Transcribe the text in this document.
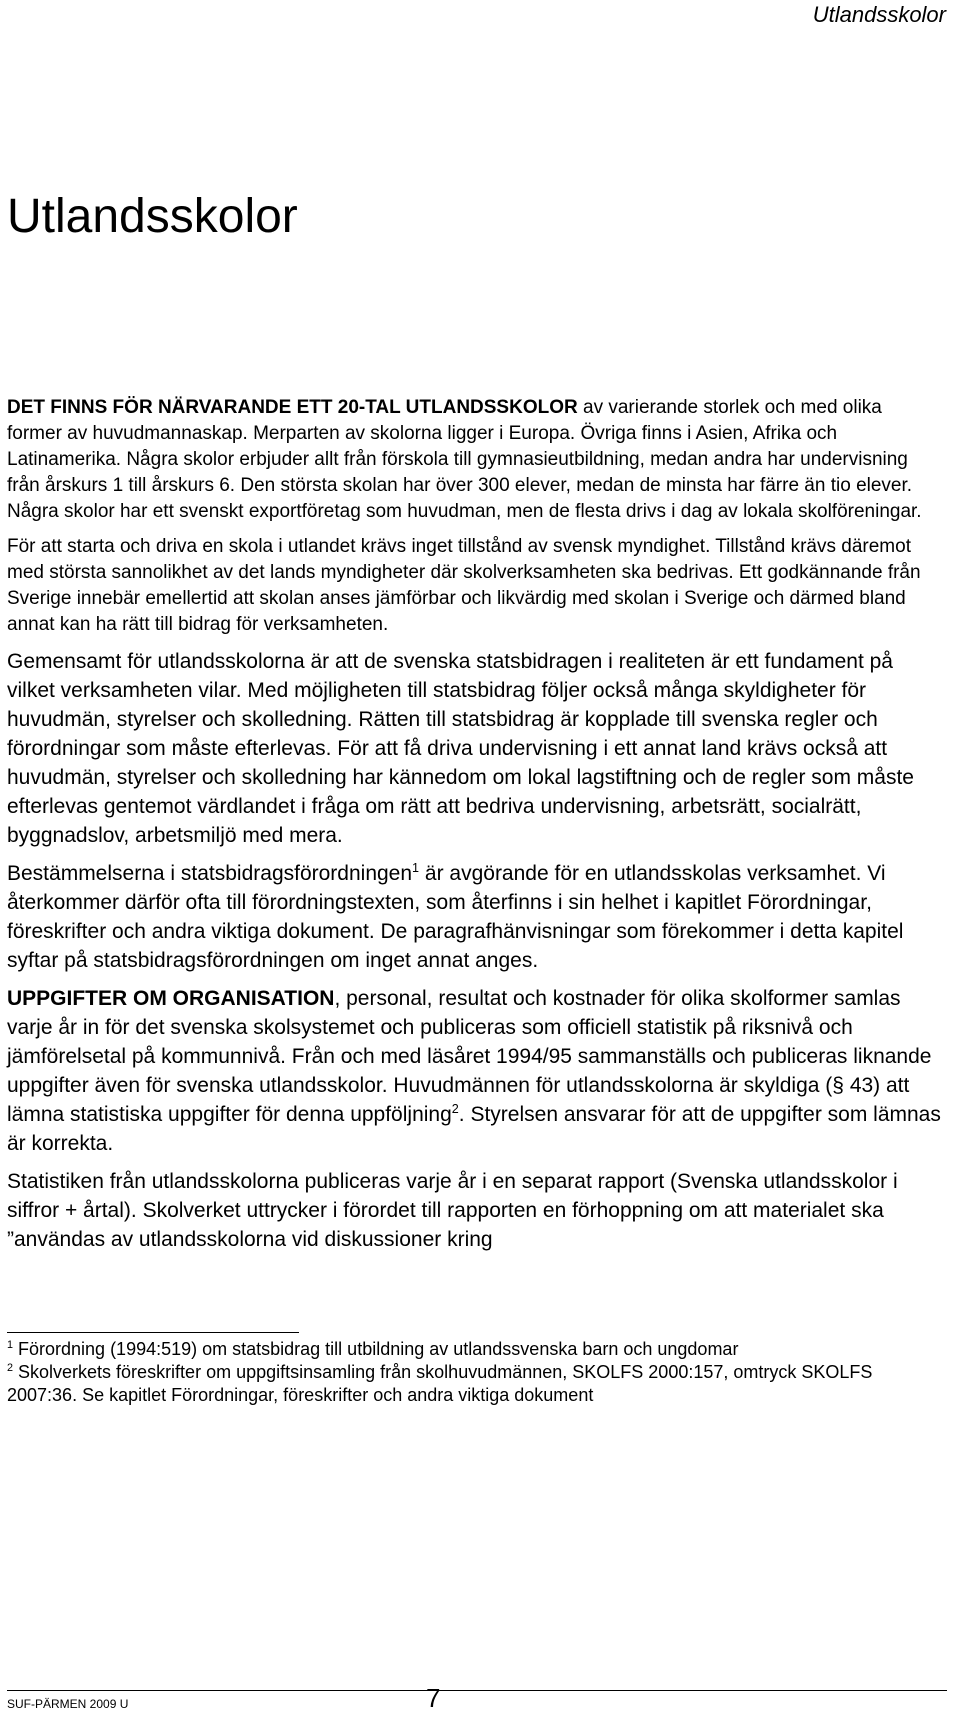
Utlandsskolor
Utlandsskolor

DET FINNS FÖR NÄRVARANDE ETT 20-TAL UTLANDSSKOLOR av varierande storlek och med olika former av huvudmannaskap. Merparten av skolorna ligger i Europa. Övriga finns i Asien, Afrika och Latinamerika. Några skolor erbjuder allt från förskola till gymnasieutbildning, medan andra har undervisning från årskurs 1 till årskurs 6. Den största skolan har över 300 elever, medan de minsta har färre än tio elever. Några skolor har ett svenskt exportföretag som huvudman, men de flesta drivs i dag av lokala skolföreningar.

För att starta och driva en skola i utlandet krävs inget tillstånd av svensk myndighet. Tillstånd krävs däremot med största sannolikhet av det lands myndigheter där skolverksamheten ska bedrivas. Ett godkännande från Sverige innebär emellertid att skolan anses jämförbar och likvärdig med skolan i Sverige och därmed bland annat kan ha rätt till bidrag för verksamheten.

Gemensamt för utlandsskolorna är att de svenska statsbidragen i realiteten är ett fundament på vilket verksamheten vilar. Med möjligheten till statsbidrag följer också många skyldigheter för huvudmän, styrelser och skolledning. Rätten till statsbidrag är kopplade till svenska regler och förordningar som måste efterlevas. För att få driva undervisning i ett annat land krävs också att huvudmän, styrelser och skolledning har kännedom om lokal lagstiftning och de regler som måste efterlevas gentemot värdlandet i fråga om rätt att bedriva undervisning, arbetsrätt, socialrätt, byggnadslov, arbetsmiljö med mera.

Bestämmelserna i statsbidragsförordningen$^1$ är avgörande för en utlandsskolas verksamhet. Vi återkommer därför ofta till förordningstexten, som återfinns i sin helhet i kapitlet Förordningar, föreskrifter och andra viktiga dokument. De paragrafhänvisningar som förekommer i detta kapitel syftar på statsbidragsförordningen om inget annat anges.

UPPGIFTER OM ORGANISATION, personal, resultat och kostnader för olika skolformer samlas varje år in för det svenska skolsystemet och publiceras som officiell statistik på riksnivå och jämförelsetal på kommunnivå. Från och med läsåret 1994/95 sammanställs och publiceras liknande uppgifter även för svenska utlandsskolor. Huvudmännen för utlandsskolorna är skyldiga (§ 43) att lämna statistiska uppgifter för denna uppföljning$^2$. Styrelsen ansvarar för att de uppgifter som lämnas är korrekta.

Statistiken från utlandsskolorna publiceras varje år i en separat rapport (Svenska utlandsskolor i siffror + årtal). Skolverket uttrycker i förordet till rapporten en förhoppning om att materialet ska ”användas av utlandsskolorna vid diskussioner kring

$^1$ Förordning (1994:519) om statsbidrag till utbildning av utlandssvenska barn och ungdomar

$^2$ Skolverkets föreskrifter om uppgiftsinsamling från skolhuvudmännen, SKOLFS 2000:157, omtryck SKOLFS 2007:36. Se kapitlet Förordningar, föreskrifter och andra viktiga dokument

SUF-PÄRMEN 2009 U	7
